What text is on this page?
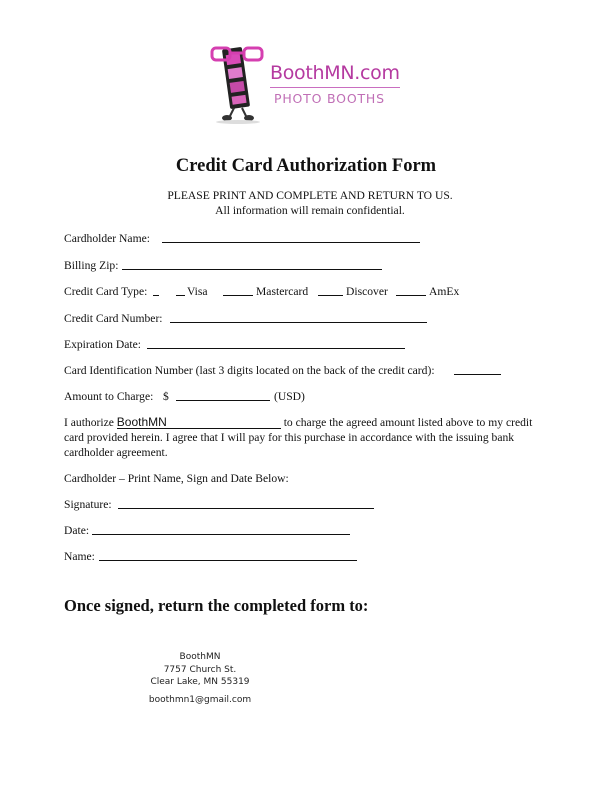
BoothMN.com
PHOTO BOOTHS
Credit Card Authorization Form
PLEASE PRINT AND COMPLETE AND RETURN TO US.
All information will remain confidential.
Cardholder Name:
Billing Zip:
Credit Card Type:	Visa	Mastercard	Discover	AmEx
Credit Card Number:
Expiration Date:
Card Identification Number (last 3 digits located on the back of the credit card):
Amount to Charge: $	(USD)
I authorize BoothMN	to charge the agreed amount listed above to my credit card provided herein. I agree that I will pay for this purchase in accordance with the issuing bank cardholder agreement.
Cardholder – Print Name, Sign and Date Below:
Signature:
Date:
Name:
Once signed, return the completed form to:
BoothMN
7757 Church St.
Clear Lake, MN 55319
boothmn1@gmail.com
